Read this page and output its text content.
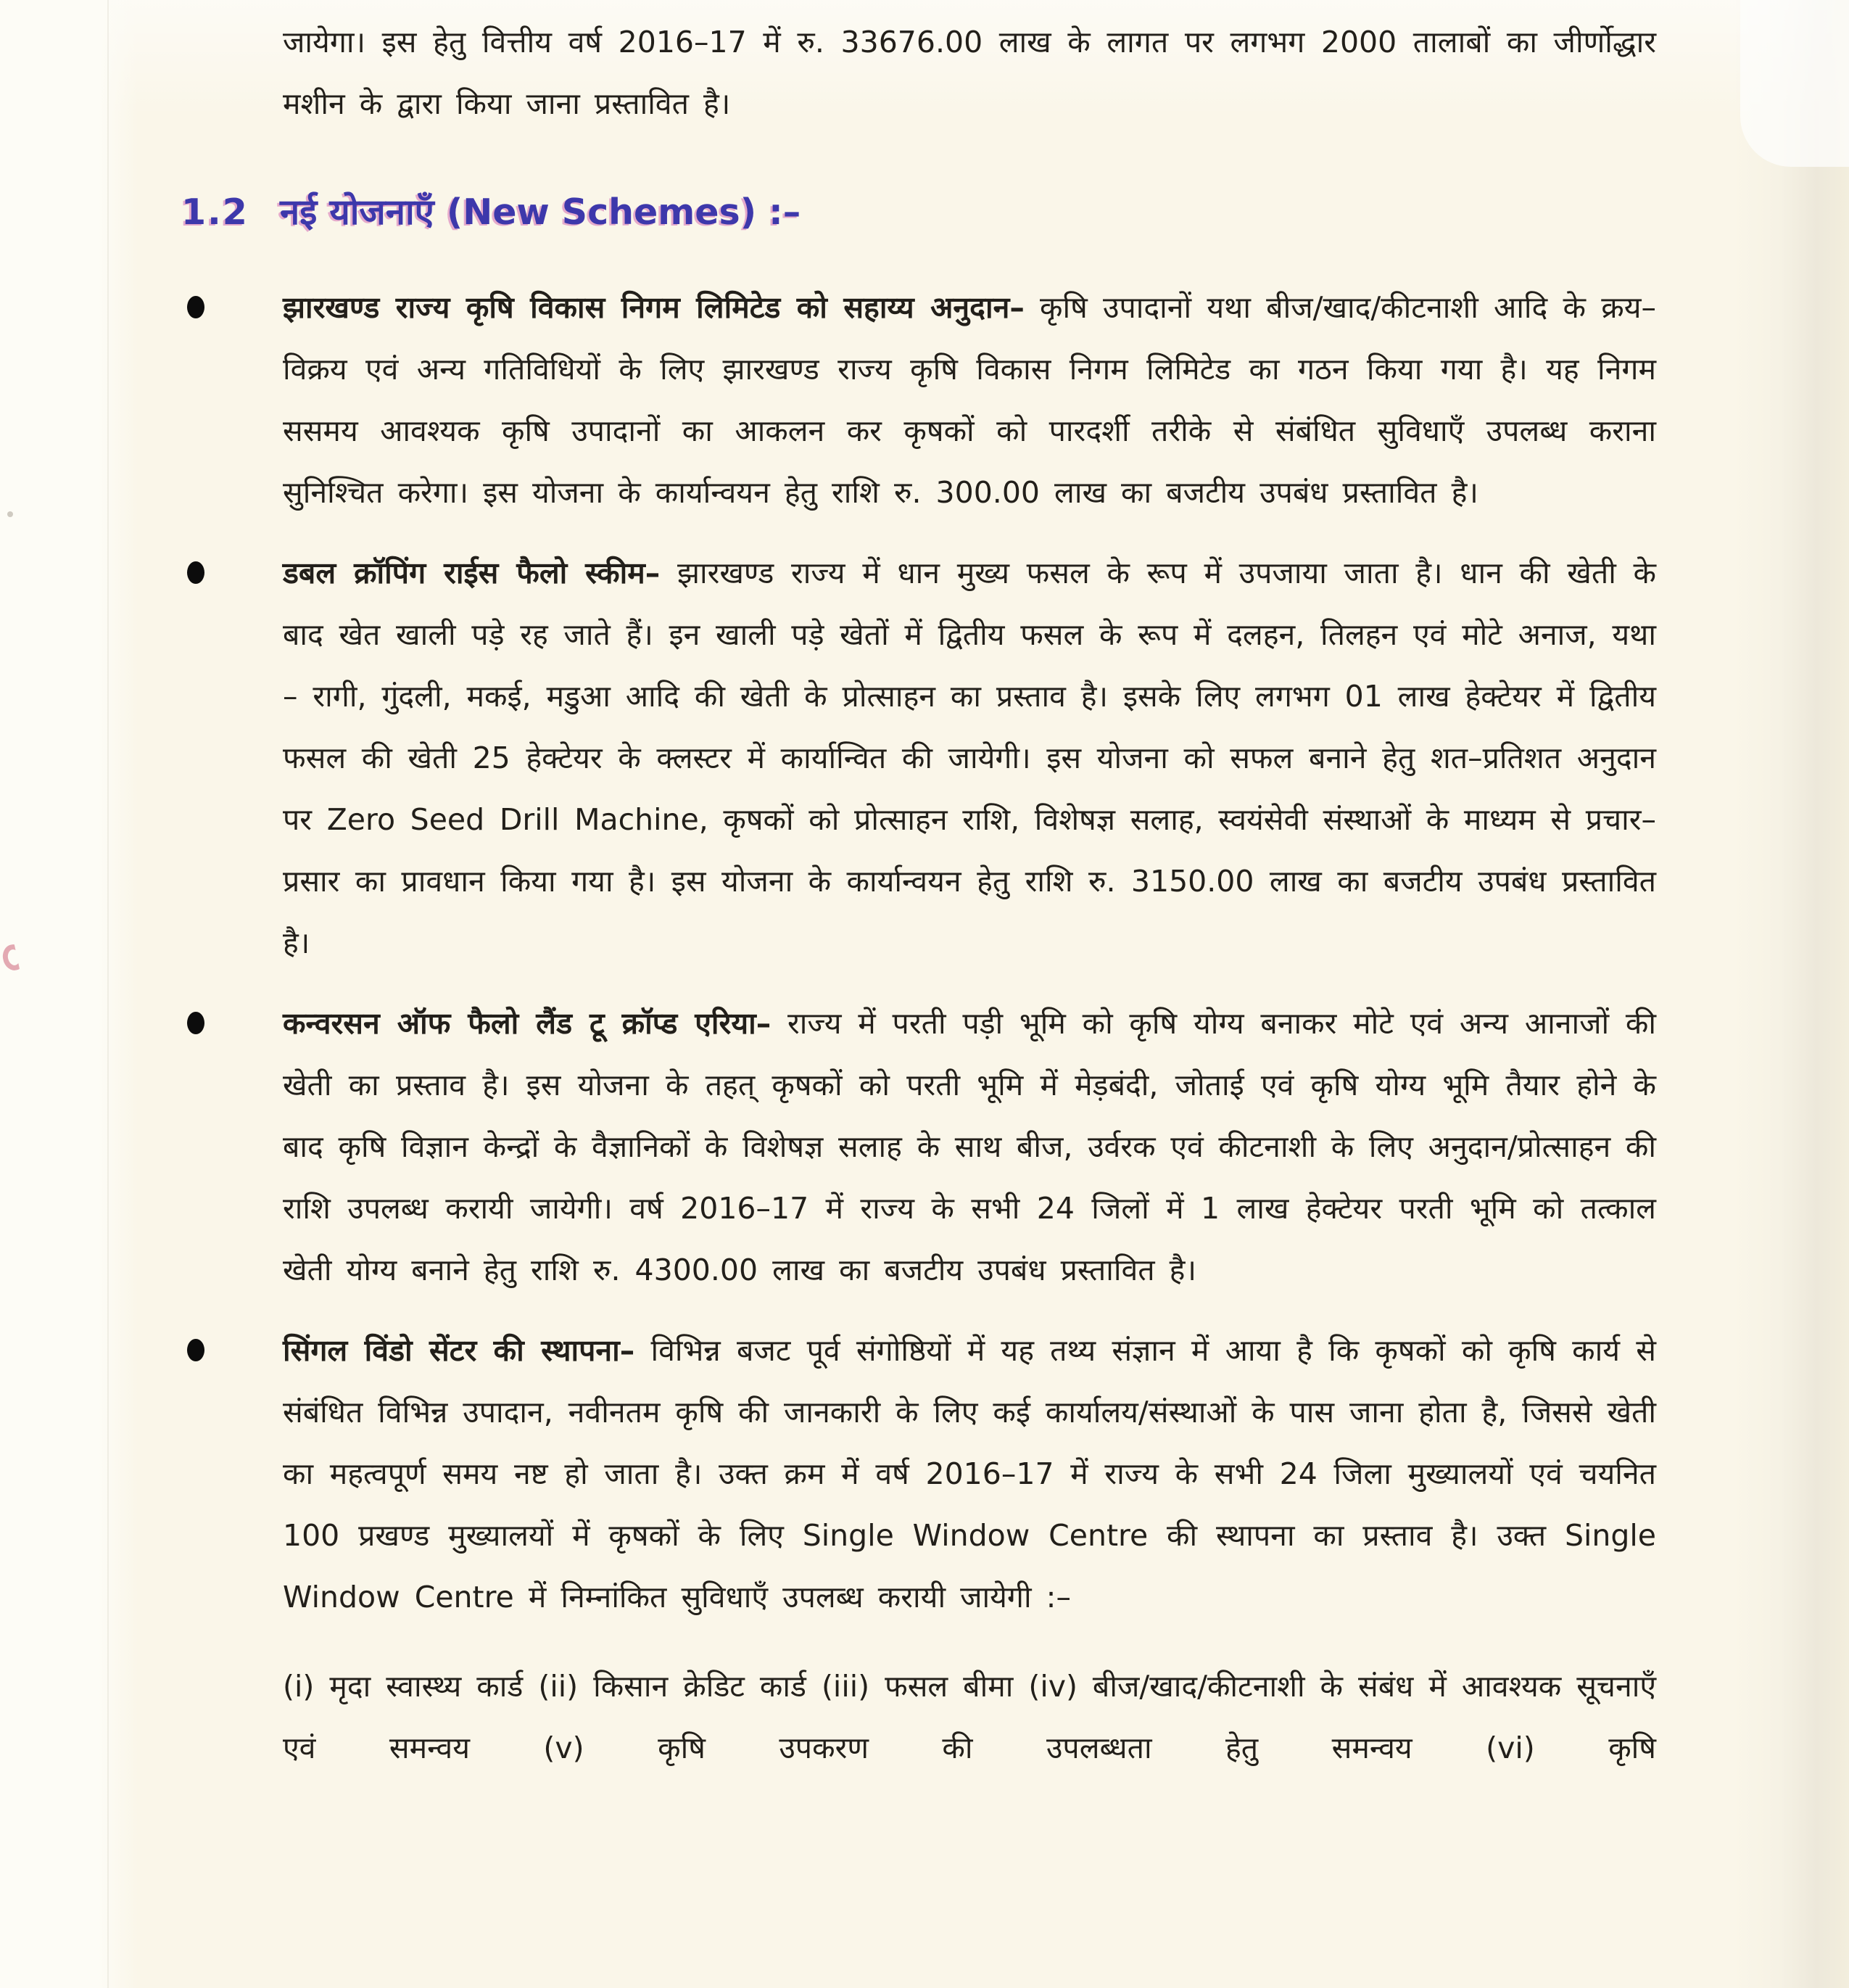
जायेगा। इस हेतु वित्तीय वर्ष 2016–17 में रु. 33676.00 लाख के लागत पर लगभग 2000 तालाबों का जीर्णोद्धार मशीन के द्वारा किया जाना प्रस्तावित है।

1.2 नई योजनाएँ (New Schemes) :–

झारखण्ड राज्य कृषि विकास निगम लिमिटेड को सहाय्य अनुदान– कृषि उपादानों यथा बीज/खाद/कीटनाशी आदि के क्रय–विक्रय एवं अन्य गतिविधियों के लिए झारखण्ड राज्य कृषि विकास निगम लिमिटेड का गठन किया गया है। यह निगम ससमय आवश्यक कृषि उपादानों का आकलन कर कृषकों को पारदर्शी तरीके से संबंधित सुविधाएँ उपलब्ध कराना सुनिश्चित करेगा। इस योजना के कार्यान्वयन हेतु राशि रु. 300.00 लाख का बजटीय उपबंध प्रस्तावित है।

डबल क्रॉपिंग राईस फैलो स्कीम– झारखण्ड राज्य में धान मुख्य फसल के रूप में उपजाया जाता है। धान की खेती के बाद खेत खाली पड़े रह जाते हैं। इन खाली पड़े खेतों में द्वितीय फसल के रूप में दलहन, तिलहन एवं मोटे अनाज, यथा – रागी, गुंदली, मकई, मडुआ आदि की खेती के प्रोत्साहन का प्रस्ताव है। इसके लिए लगभग 01 लाख हेक्टेयर में द्वितीय फसल की खेती 25 हेक्टेयर के क्लस्टर में कार्यान्वित की जायेगी। इस योजना को सफल बनाने हेतु शत–प्रतिशत अनुदान पर Zero Seed Drill Machine, कृषकों को प्रोत्साहन राशि, विशेषज्ञ सलाह, स्वयंसेवी संस्थाओं के माध्यम से प्रचार–प्रसार का प्रावधान किया गया है। इस योजना के कार्यान्वयन हेतु राशि रु. 3150.00 लाख का बजटीय उपबंध प्रस्तावित है।

कन्वरसन ऑफ फैलो लैंड टू क्रॉप्ड एरिया– राज्य में परती पड़ी भूमि को कृषि योग्य बनाकर मोटे एवं अन्य आनाजों की खेती का प्रस्ताव है। इस योजना के तहत् कृषकों को परती भूमि में मेड़बंदी, जोताई एवं कृषि योग्य भूमि तैयार होने के बाद कृषि विज्ञान केन्द्रों के वैज्ञानिकों के विशेषज्ञ सलाह के साथ बीज, उर्वरक एवं कीटनाशी के लिए अनुदान/प्रोत्साहन की राशि उपलब्ध करायी जायेगी। वर्ष 2016–17 में राज्य के सभी 24 जिलों में 1 लाख हेक्टेयर परती भूमि को तत्काल खेती योग्य बनाने हेतु राशि रु. 4300.00 लाख का बजटीय उपबंध प्रस्तावित है।

सिंगल विंडो सेंटर की स्थापना– विभिन्न बजट पूर्व संगोष्ठियों में यह तथ्य संज्ञान में आया है कि कृषकों को कृषि कार्य से संबंधित विभिन्न उपादान, नवीनतम कृषि की जानकारी के लिए कई कार्यालय/संस्थाओं के पास जाना होता है, जिससे खेती का महत्वपूर्ण समय नष्ट हो जाता है। उक्त क्रम में वर्ष 2016–17 में राज्य के सभी 24 जिला मुख्यालयों एवं चयनित 100 प्रखण्ड मुख्यालयों में कृषकों के लिए Single Window Centre की स्थापना का प्रस्ताव है। उक्त Single Window Centre में निम्नांकित सुविधाएँ उपलब्ध करायी जायेगी :–

(i) मृदा स्वास्थ्य कार्ड (ii) किसान क्रेडिट कार्ड (iii) फसल बीमा (iv) बीज/खाद/कीटनाशी के संबंध में आवश्यक सूचनाएँ एवं समन्वय (v) कृषि उपकरण की उपलब्धता हेतु समन्वय (vi) कृषि
